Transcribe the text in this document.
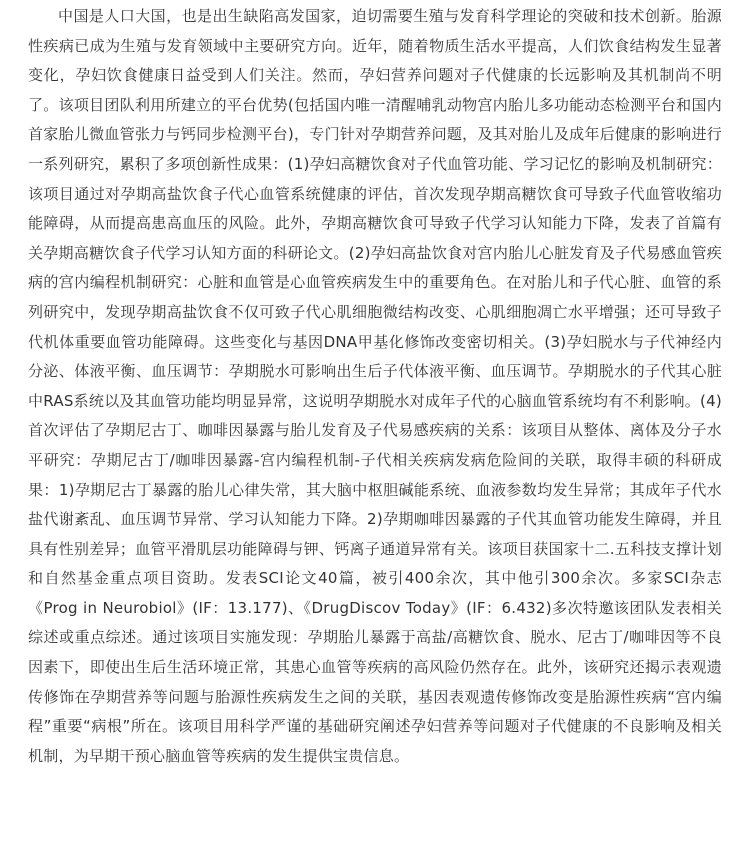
中国是人口大国，也是出生缺陷高发国家，迫切需要生殖与发育科学理论的突破和技术创新。胎源性疾病已成为生殖与发育领域中主要研究方向。近年，随着物质生活水平提高，人们饮食结构发生显著变化，孕妇饮食健康日益受到人们关注。然而，孕妇营养问题对子代健康的长远影响及其机制尚不明了。该项目团队利用所建立的平台优势(包括国内唯一清醒哺乳动物宫内胎儿多功能动态检测平台和国内首家胎儿微血管张力与钙同步检测平台)，专门针对孕期营养问题，及其对胎儿及成年后健康的影响进行一系列研究，累积了多项创新性成果：(1)孕妇高糖饮食对子代血管功能、学习记忆的影响及机制研究：该项目通过对孕期高盐饮食子代心血管系统健康的评估，首次发现孕期高糖饮食可导致子代血管收缩功能障碍，从而提高患高血压的风险。此外，孕期高糖饮食可导致子代学习认知能力下降，发表了首篇有关孕期高糖饮食子代学习认知方面的科研论文。(2)孕妇高盐饮食对宫内胎儿心脏发育及子代易感血管疾病的宫内编程机制研究：心脏和血管是心血管疾病发生中的重要角色。在对胎儿和子代心脏、血管的系列研究中，发现孕期高盐饮食不仅可致子代心肌细胞微结构改变、心肌细胞凋亡水平增强；还可导致子代机体重要血管功能障碍。这些变化与基因DNA甲基化修饰改变密切相关。(3)孕妇脱水与子代神经内分泌、体液平衡、血压调节：孕期脱水可影响出生后子代体液平衡、血压调节。孕期脱水的子代其心脏中RAS系统以及其血管功能均明显异常，这说明孕期脱水对成年子代的心脑血管系统均有不利影响。(4)首次评估了孕期尼古丁、咖啡因暴露与胎儿发育及子代易感疾病的关系：该项目从整体、离体及分子水平研究：孕期尼古丁/咖啡因暴露-宫内编程机制-子代相关疾病发病危险间的关联，取得丰硕的科研成果：1)孕期尼古丁暴露的胎儿心律失常，其大脑中枢胆碱能系统、血液参数均发生异常；其成年子代水盐代谢紊乱、血压调节异常、学习认知能力下降。2)孕期咖啡因暴露的子代其血管功能发生障碍，并且具有性别差异；血管平滑肌层功能障碍与钾、钙离子通道异常有关。该项目获国家十二.五科技支撑计划和自然基金重点项目资助。发表SCI论文40篇，被引400余次，其中他引300余次。多家SCI杂志《Prog in Neurobiol》(IF：13.177)、《DrugDiscov Today》(IF：6.432)多次特邀该团队发表相关综述或重点综述。通过该项目实施发现：孕期胎儿暴露于高盐/高糖饮食、脱水、尼古丁/咖啡因等不良因素下，即使出生后生活环境正常，其患心血管等疾病的高风险仍然存在。此外，该研究还揭示表观遗传修饰在孕期营养等问题与胎源性疾病发生之间的关联，基因表观遗传修饰改变是胎源性疾病“宫内编程”重要“病根”所在。该项目用科学严谨的基础研究阐述孕妇营养等问题对子代健康的不良影响及相关机制，为早期干预心脑血管等疾病的发生提供宝贵信息。
